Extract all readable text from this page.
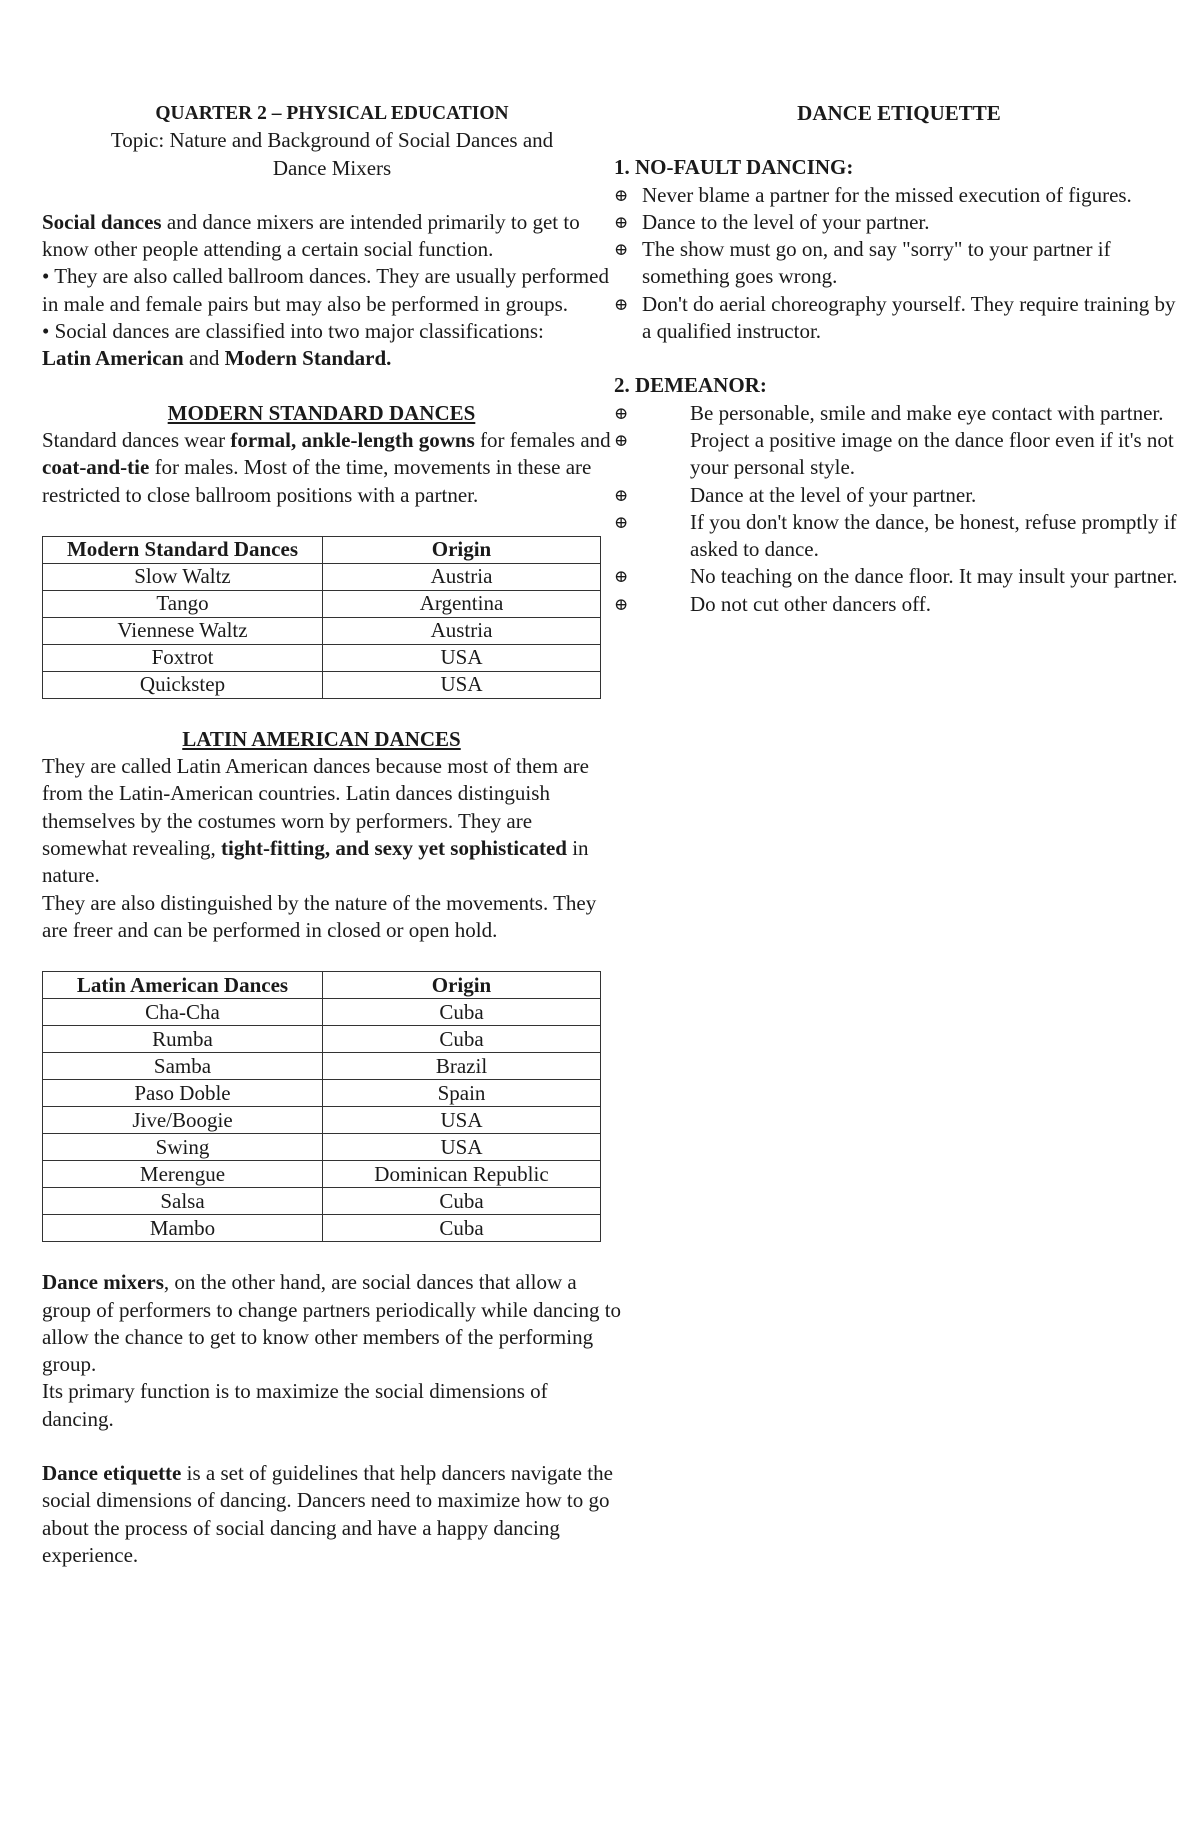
QUARTER 2 – PHYSICAL EDUCATION

Topic: Nature and Background of Social Dances and

Dance Mixers

Social dances and dance mixers are intended primarily to get to know other people attending a certain social function.

• They are also called ballroom dances. They are usually performed in male and female pairs but may also be performed in groups.

• Social dances are classified into two major classifications:

Latin American and Modern Standard.

MODERN STANDARD DANCES

Standard dances wear formal, ankle-length gowns for females and coat-and-tie for males. Most of the time, movements in these are restricted to close ballroom positions with a partner.

Modern Standard Dances	Origin
Slow Waltz	Austria
Tango	Argentina
Viennese Waltz	Austria
Foxtrot	USA
Quickstep	USA

LATIN AMERICAN DANCES

They are called Latin American dances because most of them are from the Latin-American countries. Latin dances distinguish themselves by the costumes worn by performers. They are somewhat revealing, tight-fitting, and sexy yet sophisticated in nature.

They are also distinguished by the nature of the movements. They are freer and can be performed in closed or open hold.

Latin American Dances	Origin
Cha-Cha	Cuba
Rumba	Cuba
Samba	Brazil
Paso Doble	Spain
Jive/Boogie	USA
Swing	USA
Merengue	Dominican Republic
Salsa	Cuba
Mambo	Cuba

Dance mixers, on the other hand, are social dances that allow a group of performers to change partners periodically while dancing to allow the chance to get to know other members of the performing group.

Its primary function is to maximize the social dimensions of dancing.

Dance etiquette is a set of guidelines that help dancers navigate the social dimensions of dancing. Dancers need to maximize how to go about the process of social dancing and have a happy dancing experience.

DANCE ETIQUETTE

1. NO-FAULT DANCING:

⊕ Never blame a partner for the missed execution of figures.
⊕ Dance to the level of your partner.
⊕ The show must go on, and say "sorry" to your partner if something goes wrong.
⊕ Don't do aerial choreography yourself. They require training by a qualified instructor.

2. DEMEANOR:

⊕	Be personable, smile and make eye contact with partner.
⊕	Project a positive image on the dance floor even if it's not your personal style.
⊕	Dance at the level of your partner.
⊕	If you don't know the dance, be honest, refuse promptly if asked to dance.
⊕	No teaching on the dance floor. It may insult your partner.
⊕	Do not cut other dancers off.
